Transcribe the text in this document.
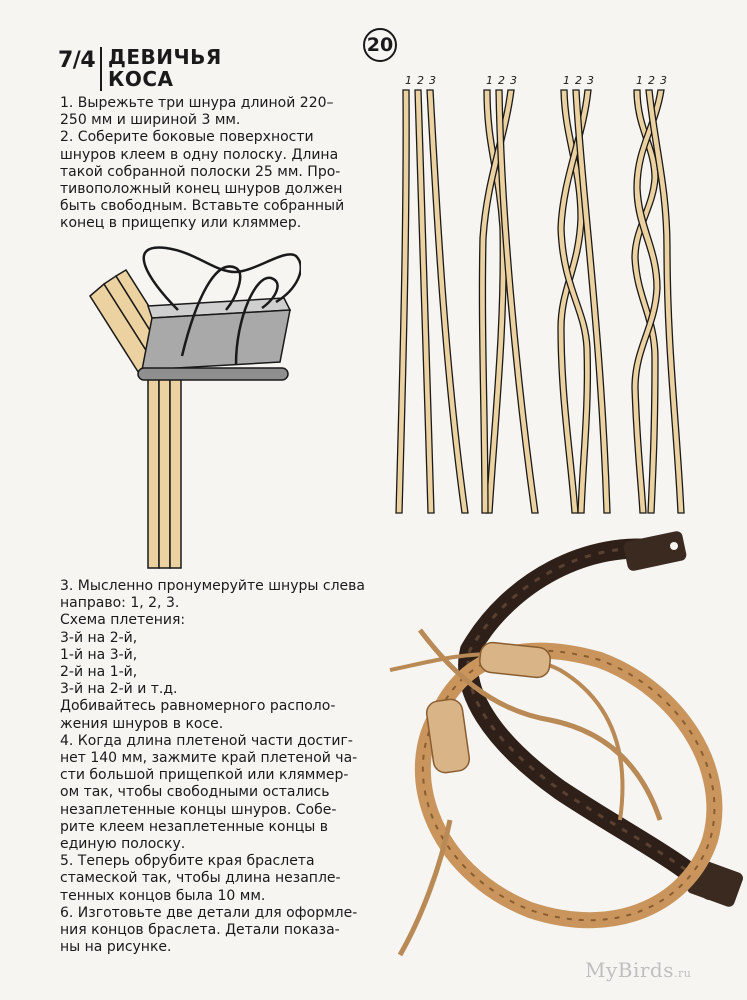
20
7/4 ДЕВИЧЬЯ
КОСА
1. Вырежьте три шнура длиной 220–
250 мм и шириной 3 мм.
2. Соберите боковые поверхности
шнуров клеем в одну полоску. Длина
такой собранной полоски 25 мм. Про-
тивоположный конец шнуров должен
быть свободным. Вставьте собранный
конец в прищепку или кляммер.
1 2 3	1 2 3	1 2 3	1 2 3
3. Мысленно пронумеруйте шнуры слева
направо: 1, 2, 3.
Схема плетения:
3-й на 2-й,
1-й на 3-й,
2-й на 1-й,
3-й на 2-й и т.д.
Добивайтесь равномерного располо-
жения шнуров в косе.
4. Когда длина плетеной части достиг-
нет 140 мм, зажмите край плетеной ча-
сти большой прищепкой или кляммер-
ом так, чтобы свободными остались
незаплетенные концы шнуров. Собе-
рите клеем незаплетенные концы в
единую полоску.
5. Теперь обрубите края браслета
стамеской так, чтобы длина незапле-
тенных концов была 10 мм.
6. Изготовьте две детали для оформле-
ния концов браслета. Детали показа-
ны на рисунке.
MyBirds.ru
